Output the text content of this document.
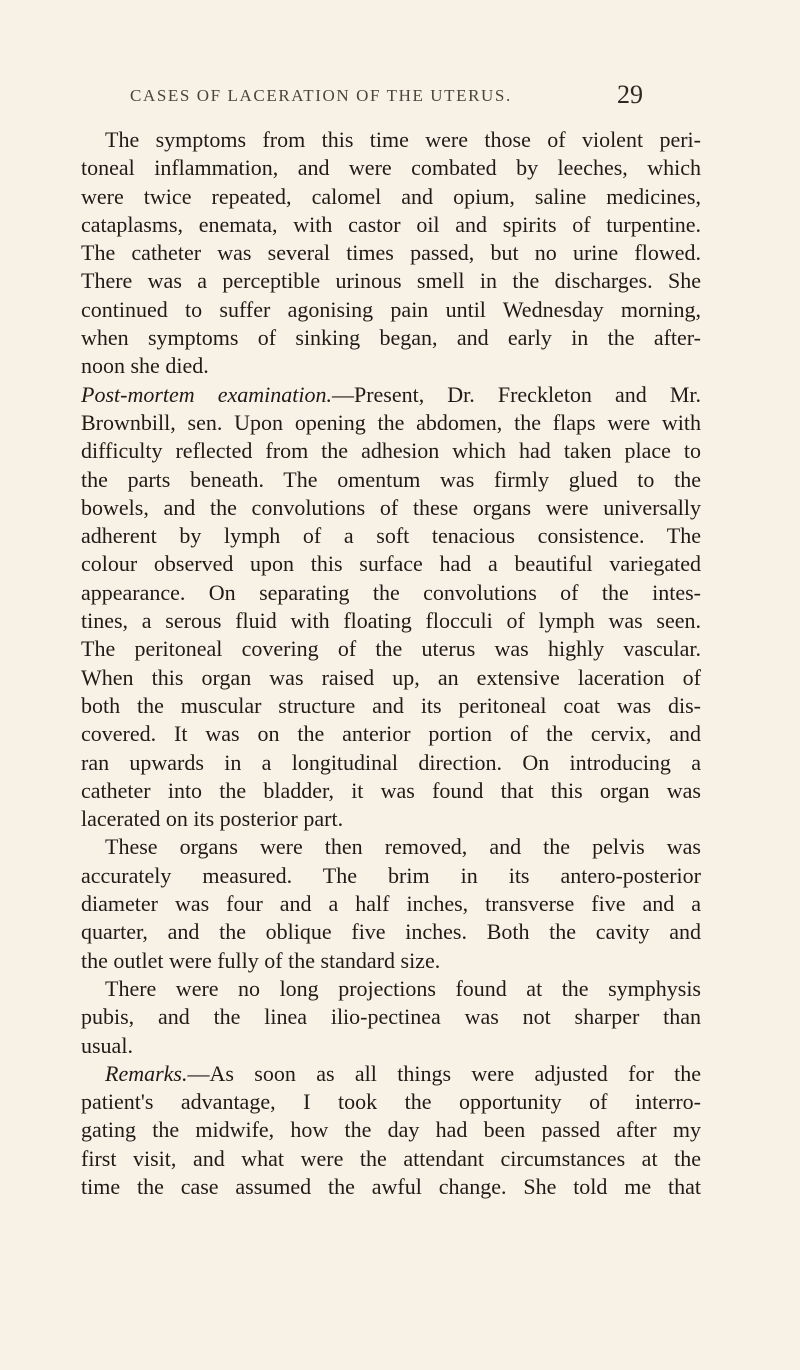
CASES OF LACERATION OF THE UTERUS.	29
The symptoms from this time were those of violent peri-
toneal inflammation, and were combated by leeches, which
were twice repeated, calomel and opium, saline medicines,
cataplasms, enemata, with castor oil and spirits of turpentine.
The catheter was several times passed, but no urine flowed.
There was a perceptible urinous smell in the discharges. She
continued to suffer agonising pain until Wednesday morning,
when symptoms of sinking began, and early in the after-
noon she died.
Post-mortem examination.—Present, Dr. Freckleton and Mr.
Brownbill, sen. Upon opening the abdomen, the flaps were with
difficulty reflected from the adhesion which had taken place to
the parts beneath. The omentum was firmly glued to the
bowels, and the convolutions of these organs were universally
adherent by lymph of a soft tenacious consistence. The
colour observed upon this surface had a beautiful variegated
appearance. On separating the convolutions of the intes-
tines, a serous fluid with floating flocculi of lymph was seen.
The peritoneal covering of the uterus was highly vascular.
When this organ was raised up, an extensive laceration of
both the muscular structure and its peritoneal coat was dis-
covered. It was on the anterior portion of the cervix, and
ran upwards in a longitudinal direction. On introducing a
catheter into the bladder, it was found that this organ was
lacerated on its posterior part.
These organs were then removed, and the pelvis was
accurately measured. The brim in its antero-posterior
diameter was four and a half inches, transverse five and a
quarter, and the oblique five inches. Both the cavity and
the outlet were fully of the standard size.
There were no long projections found at the symphysis
pubis, and the linea ilio-pectinea was not sharper than
usual.
Remarks.—As soon as all things were adjusted for the
patient's advantage, I took the opportunity of interro-
gating the midwife, how the day had been passed after my
first visit, and what were the attendant circumstances at the
time the case assumed the awful change. She told me that
